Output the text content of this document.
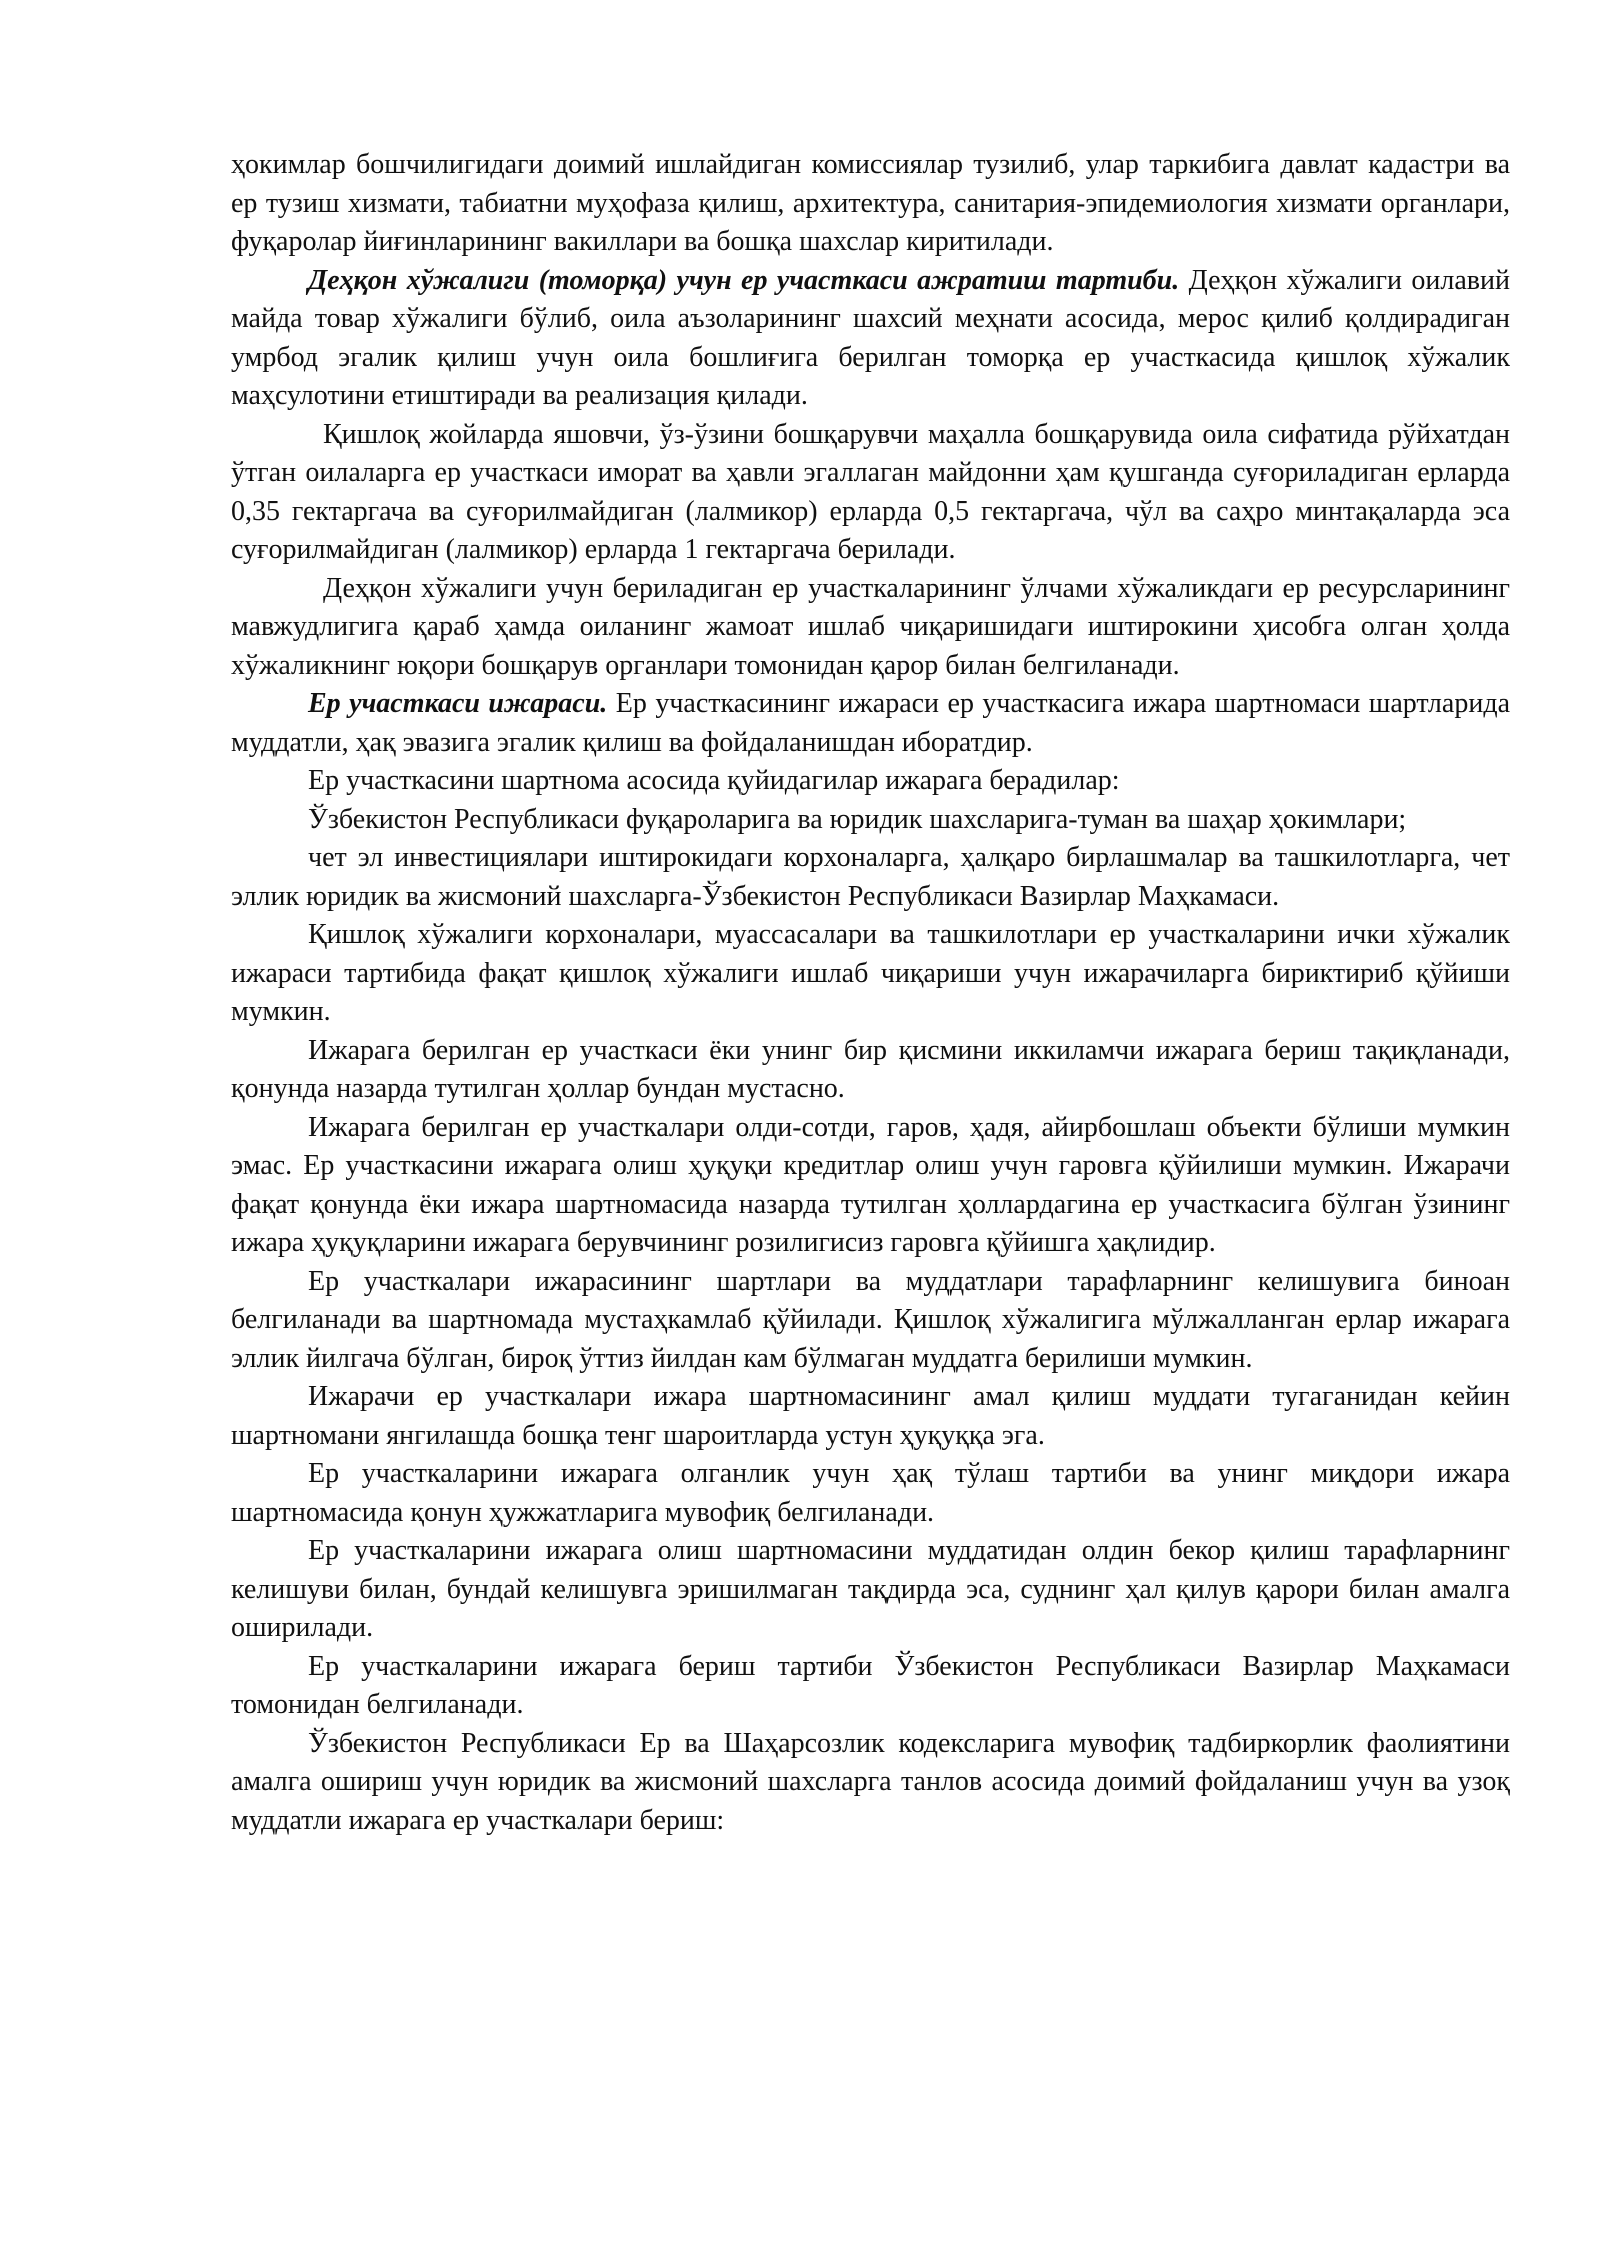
ҳокимлар бошчилигидаги доимий ишлайдиган комиссиялар тузилиб, улар таркибига давлат кадастри ва ер тузиш хизмати, табиатни муҳофаза қилиш, архитектура, санитария-эпидемиология хизмати органлари, фуқаролар йиғинларининг вакиллари ва бошқа шахслар киритилади.

Деҳқон хўжалиги (томорқа) учун ер участкаси ажратиш тартиби. Деҳқон хўжалиги оилавий майда товар хўжалиги бўлиб, оила аъзоларининг шахсий меҳнати асосида, мерос қилиб қолдирадиган умрбод эгалик қилиш учун оила бошлиғига берилган томорқа ер участкасида қишлоқ хўжалик маҳсулотини етиштиради ва реализация қилади.

Қишлоқ жойларда яшовчи, ўз-ўзини бошқарувчи маҳалла бошқарувида оила сифатида рўйхатдан ўтган оилаларга ер участкаси иморат ва ҳавли эгаллаган майдонни ҳам қушганда суғориладиган ерларда 0,35 гектаргача ва суғорилмайдиган (лалмикор) ерларда 0,5 гектаргача, чўл ва саҳро минтақаларда эса суғорилмайдиган (лалмикор) ерларда 1 гектаргача берилади.

Деҳқон хўжалиги учун бериладиган ер участкаларининг ўлчами хўжаликдаги ер ресурсларининг мавжудлигига қараб ҳамда оиланинг жамоат ишлаб чиқаришидаги иштирокини ҳисобга олган ҳолда хўжаликнинг юқори бошқарув органлари томонидан қарор билан белгиланади.

Ер участкаси ижараси. Ер участкасининг ижараси ер участкасига ижара шартномаси шартларида муддатли, ҳақ эвазига эгалик қилиш ва фойдаланишдан иборатдир.

Ер участкасини шартнома асосида қуйидагилар ижарага берадилар:

Ўзбекистон Республикаси фуқароларига ва юридик шахсларига-туман ва шаҳар ҳокимлари;

чет эл инвестициялари иштирокидаги корхоналарга, ҳалқаро бирлашмалар ва ташкилотларга, чет эллик юридик ва жисмоний шахсларга-Ўзбекистон Республикаси Вазирлар Маҳкамаси.

Қишлоқ хўжалиги корхоналари, муассасалари ва ташкилотлари ер участкаларини ички хўжалик ижараси тартибида фақат қишлоқ хўжалиги ишлаб чиқариши учун ижарачиларга бириктириб қўйиши мумкин.

Ижарага берилган ер участкаси ёки унинг бир қисмини иккиламчи ижарага бериш тақиқланади, қонунда назарда тутилган ҳоллар бундан мустасно.

Ижарага берилган ер участкалари олди-сотди, гаров, ҳадя, айирбошлаш объекти бўлиши мумкин эмас. Ер участкасини ижарага олиш ҳуқуқи кредитлар олиш учун гаровга қўйилиши мумкин. Ижарачи фақат қонунда ёки ижара шартномасида назарда тутилган ҳоллардагина ер участкасига бўлган ўзининг ижара ҳуқуқларини ижарага берувчининг розилигисиз гаровга қўйишга ҳақлидир.

Ер участкалари ижарасининг шартлари ва муддатлари тарафларнинг келишувига биноан белгиланади ва шартномада мустаҳкамлаб қўйилади. Қишлоқ хўжалигига мўлжалланган ерлар ижарага эллик йилгача бўлган, бироқ ўттиз йилдан кам бўлмаган муддатга берилиши мумкин.

Ижарачи ер участкалари ижара шартномасининг амал қилиш муддати тугаганидан кейин шартномани янгилашда бошқа тенг шароитларда устун ҳуқуққа эга.

Ер участкаларини ижарага олганлик учун ҳақ тўлаш тартиби ва унинг миқдори ижара шартномасида қонун ҳужжатларига мувофиқ белгиланади.

Ер участкаларини ижарага олиш шартномасини муддатидан олдин бекор қилиш тарафларнинг келишуви билан, бундай келишувга эришилмаган тақдирда эса, суднинг ҳал қилув қарори билан амалга оширилади.

Ер участкаларини ижарага бериш тартиби Ўзбекистон Республикаси Вазирлар Маҳкамаси томонидан белгиланади.

Ўзбекистон Республикаси Ер ва Шаҳарсозлик кодексларига мувофиқ тадбиркорлик фаолиятини амалга ошириш учун юридик ва жисмоний шахсларга танлов асосида доимий фойдаланиш учун ва узоқ муддатли ижарага ер участкалари бериш:
